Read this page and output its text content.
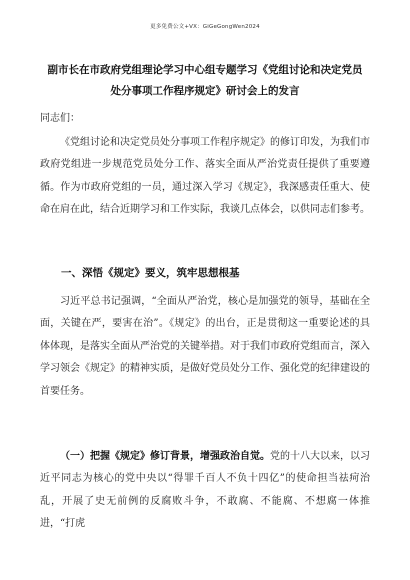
更多免费公文+VX：GiGeGongWen2024
副市长在市政府党组理论学习中心组专题学习《党组讨论和决定党员处分事项工作程序规定》研讨会上的发言
同志们：

《党组讨论和决定党员处分事项工作程序规定》的修订印发，为我们市政府党组进一步规范党员处分工作、落实全面从严治党责任提供了重要遵循。作为市政府党组的一员，通过深入学习《规定》，我深感责任重大、使命在肩在此，结合近期学习和工作实际，我谈几点体会，以供同志们参考。

一、深悟《规定》要义，筑牢思想根基

习近平总书记强调，“全面从严治党，核心是加强党的领导，基础在全面，关键在严，要害在治”。《规定》的出台，正是贯彻这一重要论述的具体体现，是落实全面从严治党的关键举措。对于我们市政府党组而言，深入学习领会《规定》的精神实质，是做好党员处分工作、强化党的纪律建设的首要任务。

（一）把握《规定》修订背景，增强政治自觉。党的十八大以来，以习近平同志为核心的党中央以“得罪千百人不负十四亿”的使命担当祛疴治乱，开展了史无前例的反腐败斗争，不敢腐、不能腐、不想腐一体推进，“打虎
